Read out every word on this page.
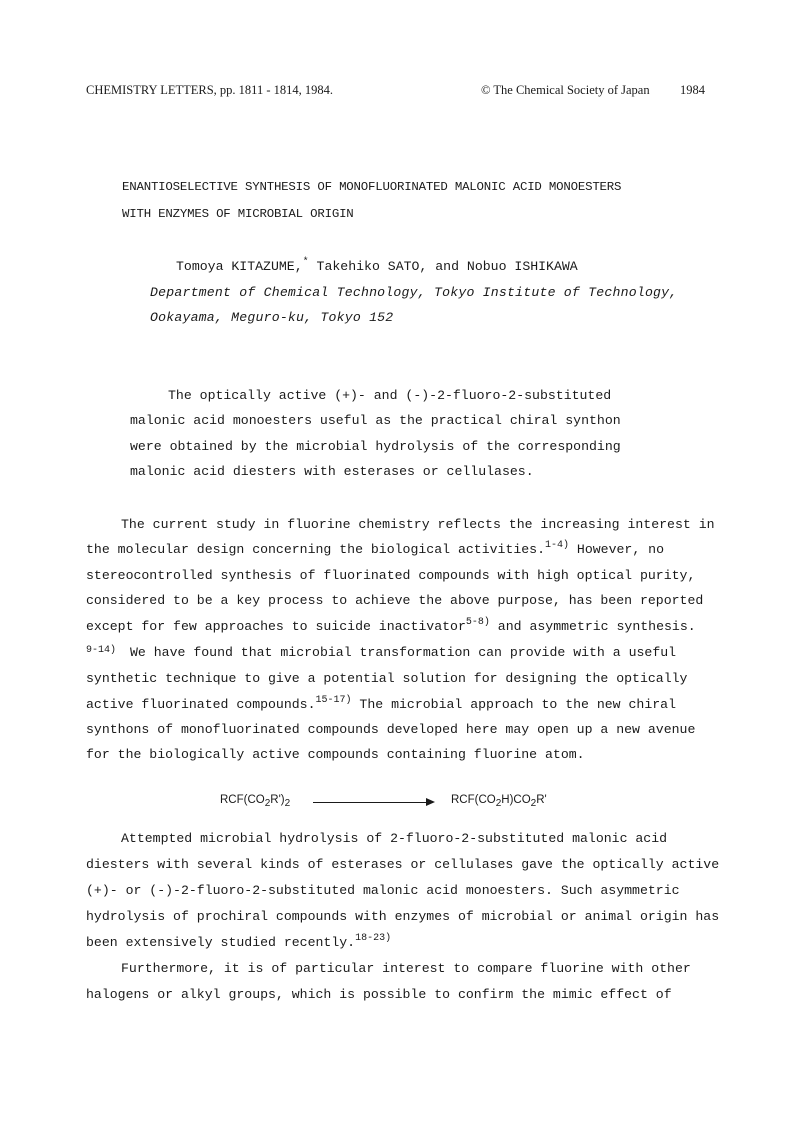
CHEMISTRY LETTERS, pp. 1811 - 1814, 1984.	© The Chemical Society of Japan 1984
ENANTIOSELECTIVE SYNTHESIS OF MONOFLUORINATED MALONIC ACID MONOESTERS
WITH ENZYMES OF MICROBIAL ORIGIN
Tomoya KITAZUME,* Takehiko SATO, and Nobuo ISHIKAWA
Department of Chemical Technology, Tokyo Institute of Technology,
Ookayama, Meguro-ku, Tokyo 152
The optically active (+)- and (-)-2-fluoro-2-substituted
malonic acid monoesters useful as the practical chiral synthon
were obtained by the microbial hydrolysis of the corresponding
malonic acid diesters with esterases or cellulases.
The current study in fluorine chemistry reflects the increasing interest in
the molecular design concerning the biological activities.$^{1-4)}$ However, no
stereocontrolled synthesis of fluorinated compounds with high optical purity,
considered to be a key process to achieve the above purpose, has been reported
except for few approaches to suicide inactivator$^{5-8)}$ and asymmetric synthesis.
$^{9-14)}$ We have found that microbial transformation can provide with a useful
synthetic technique to give a potential solution for designing the optically
active fluorinated compounds.$^{15-17)}$ The microbial approach to the new chiral
synthons of monofluorinated compounds developed here may open up a new avenue
for the biologically active compounds containing fluorine atom.
$RCF(CO_2R')_2$	$RCF(CO_2H)CO_2R'$
Attempted microbial hydrolysis of 2-fluoro-2-substituted malonic acid
diesters with several kinds of esterases or cellulases gave the optically active
(+)- or (-)-2-fluoro-2-substituted malonic acid monoesters. Such asymmetric
hydrolysis of prochiral compounds with enzymes of microbial or animal origin has
been extensively studied recently.$^{18-23)}$
Furthermore, it is of particular interest to compare fluorine with other
halogens or alkyl groups, which is possible to confirm the mimic effect of
